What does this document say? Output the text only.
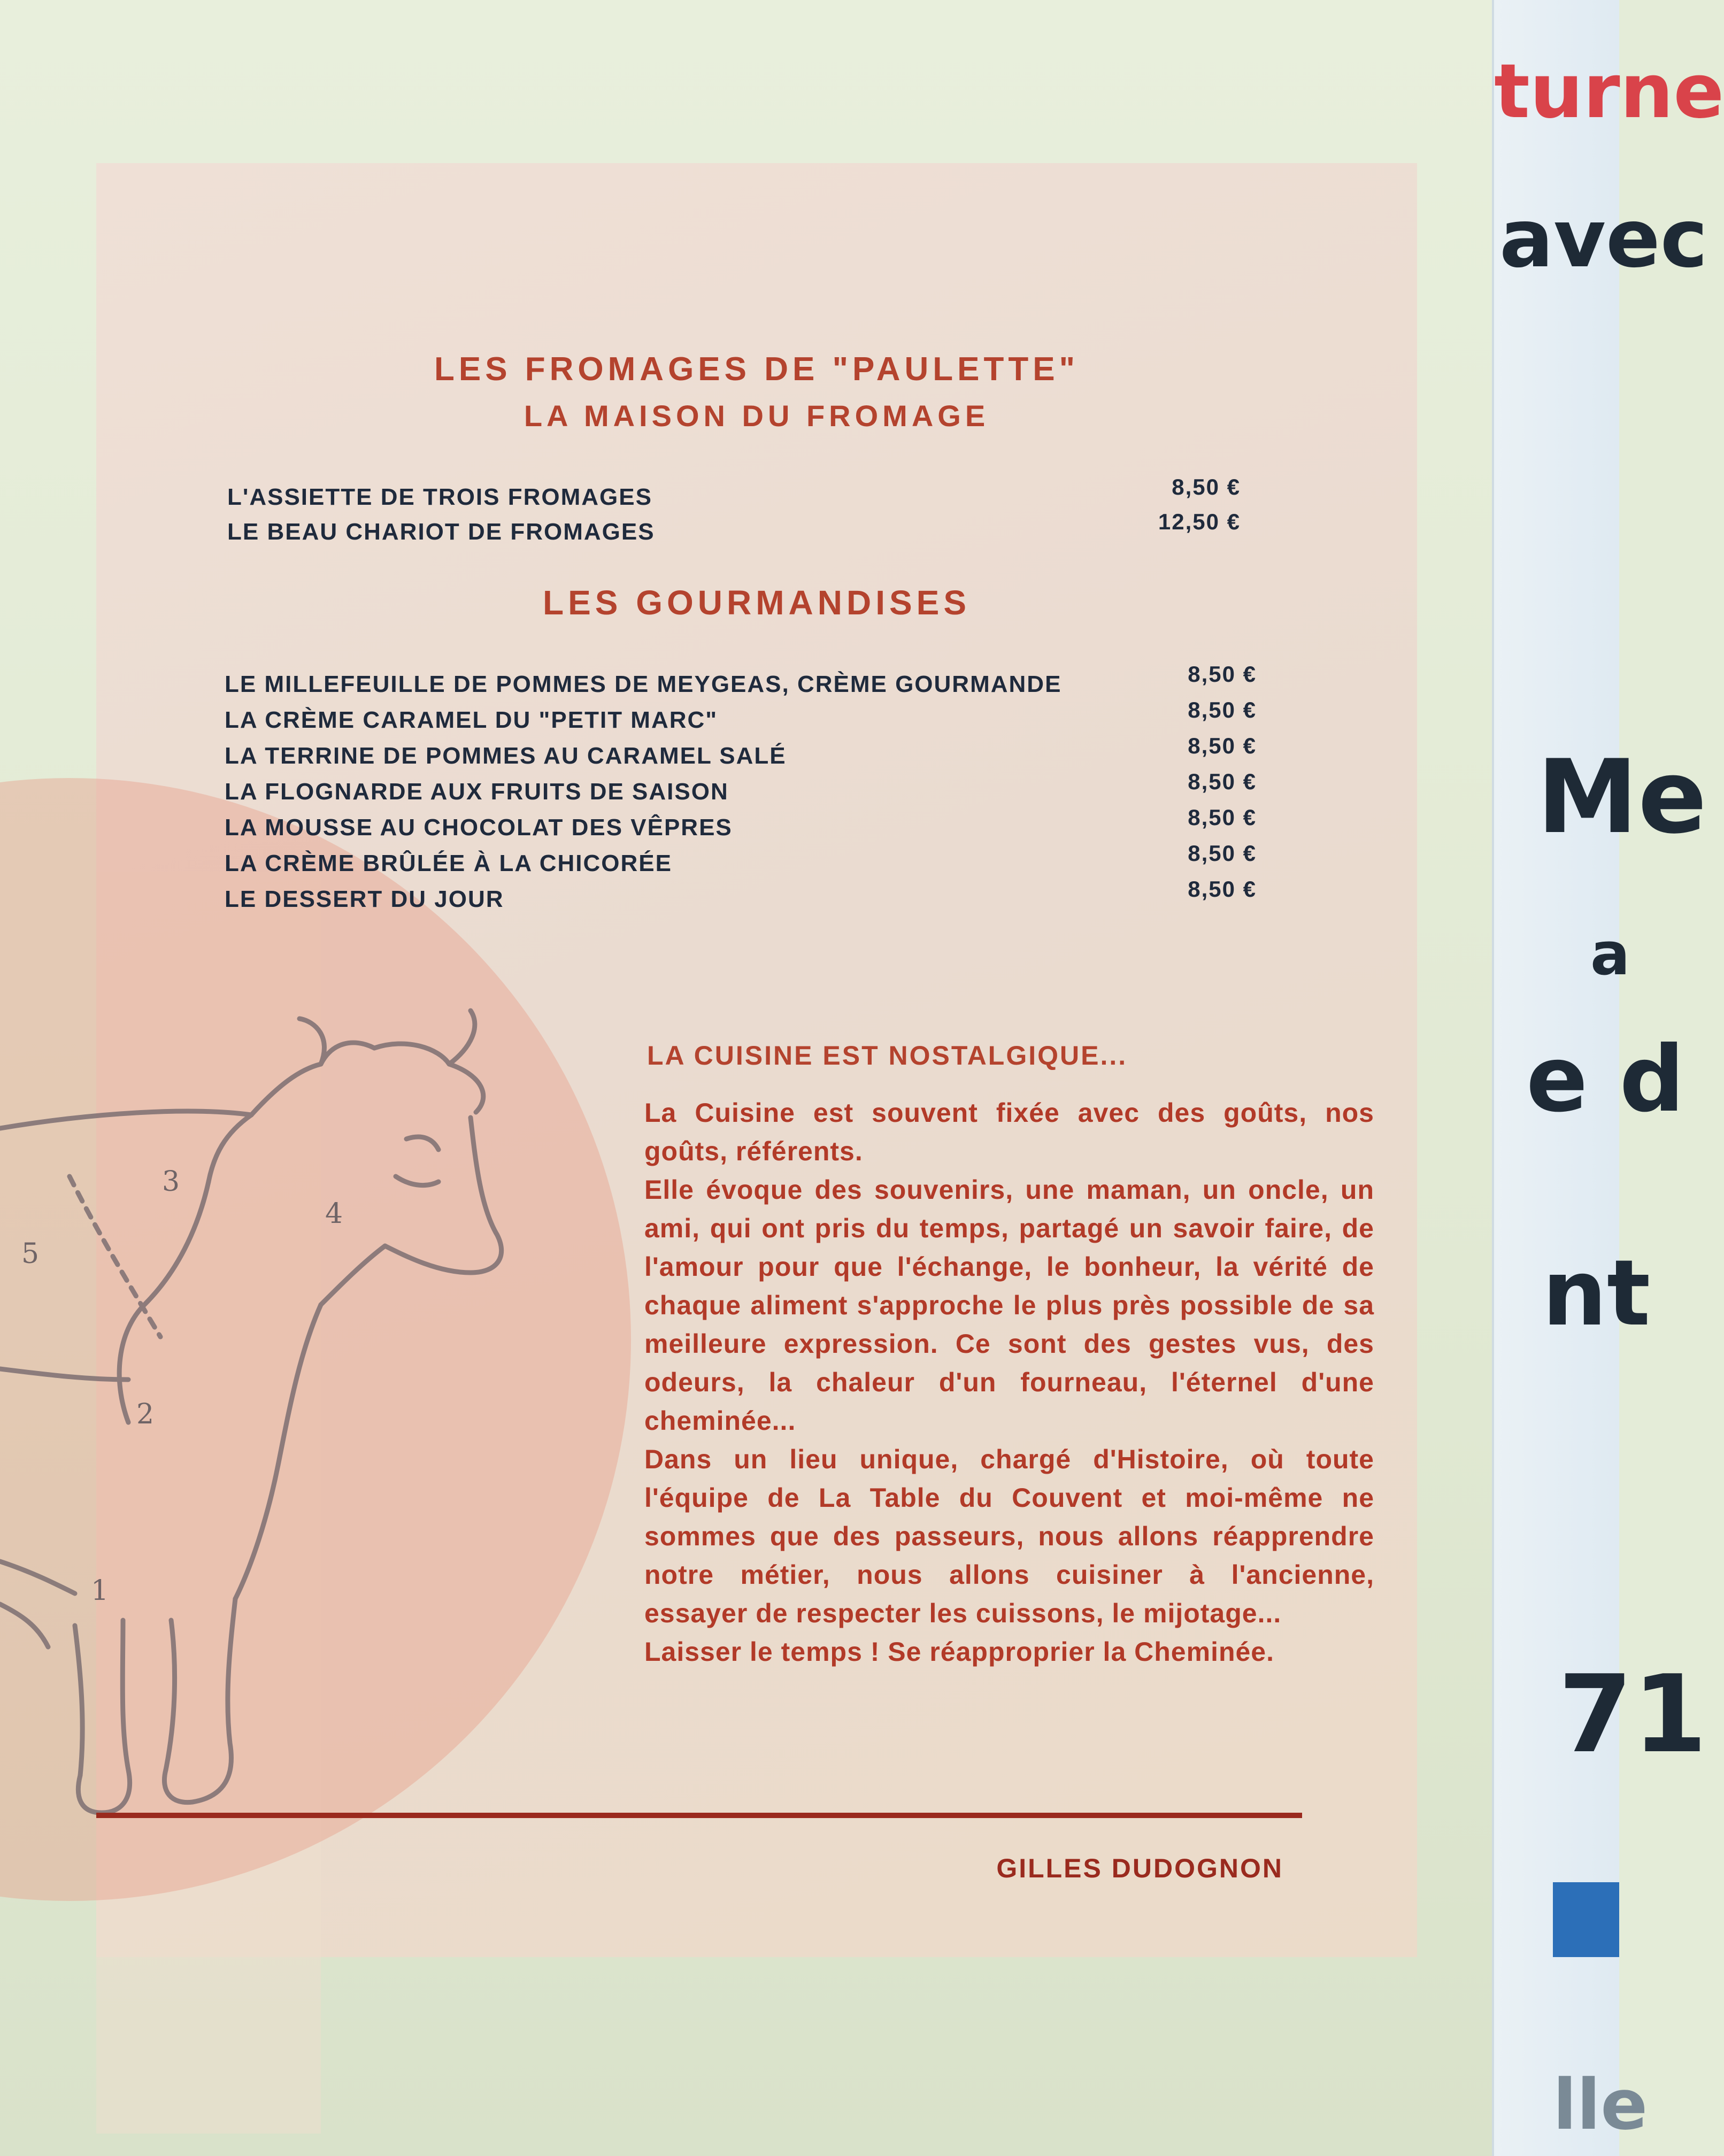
turne
avec
Me
a
e d
nt
71
lle
LES FROMAGES DE "PAULETTE"
LA MAISON DU FROMAGE
L'ASSIETTE DE TROIS FROMAGES	8,50 €
LE BEAU CHARIOT DE FROMAGES	12,50 €
LES GOURMANDISES
LE MILLEFEUILLE DE POMMES DE MEYGEAS, CRÈME GOURMANDE	8,50 €
LA CRÈME CARAMEL DU "PETIT MARC"	8,50 €
LA TERRINE DE POMMES AU CARAMEL SALÉ	8,50 €
LA FLOGNARDE AUX FRUITS DE SAISON	8,50 €
LA MOUSSE AU CHOCOLAT DES VÊPRES	8,50 €
LA CRÈME BRÛLÉE À LA CHICORÉE	8,50 €
LE DESSERT DU JOUR	8,50 €
3
4
5
2
1
LA CUISINE EST NOSTALGIQUE...

La Cuisine est souvent fixée avec des goûts, nos goûts, référents.

Elle évoque des souvenirs, une maman, un oncle, un ami, qui ont pris du temps, partagé un savoir faire, de l'amour pour que l'échange, le bonheur, la vérité de chaque aliment s'approche le plus près possible de sa meilleure expression. Ce sont des gestes vus, des odeurs, la chaleur d'un fourneau, l'éternel d'une cheminée...

Dans un lieu unique, chargé d'Histoire, où toute l'équipe de La Table du Couvent et moi-même ne sommes que des passeurs, nous allons réapprendre notre métier, nous allons cuisiner à l'ancienne, essayer de respecter les cuissons, le mijotage...

Laisser le temps ! Se réapproprier la Cheminée.

GILLES DUDOGNON
